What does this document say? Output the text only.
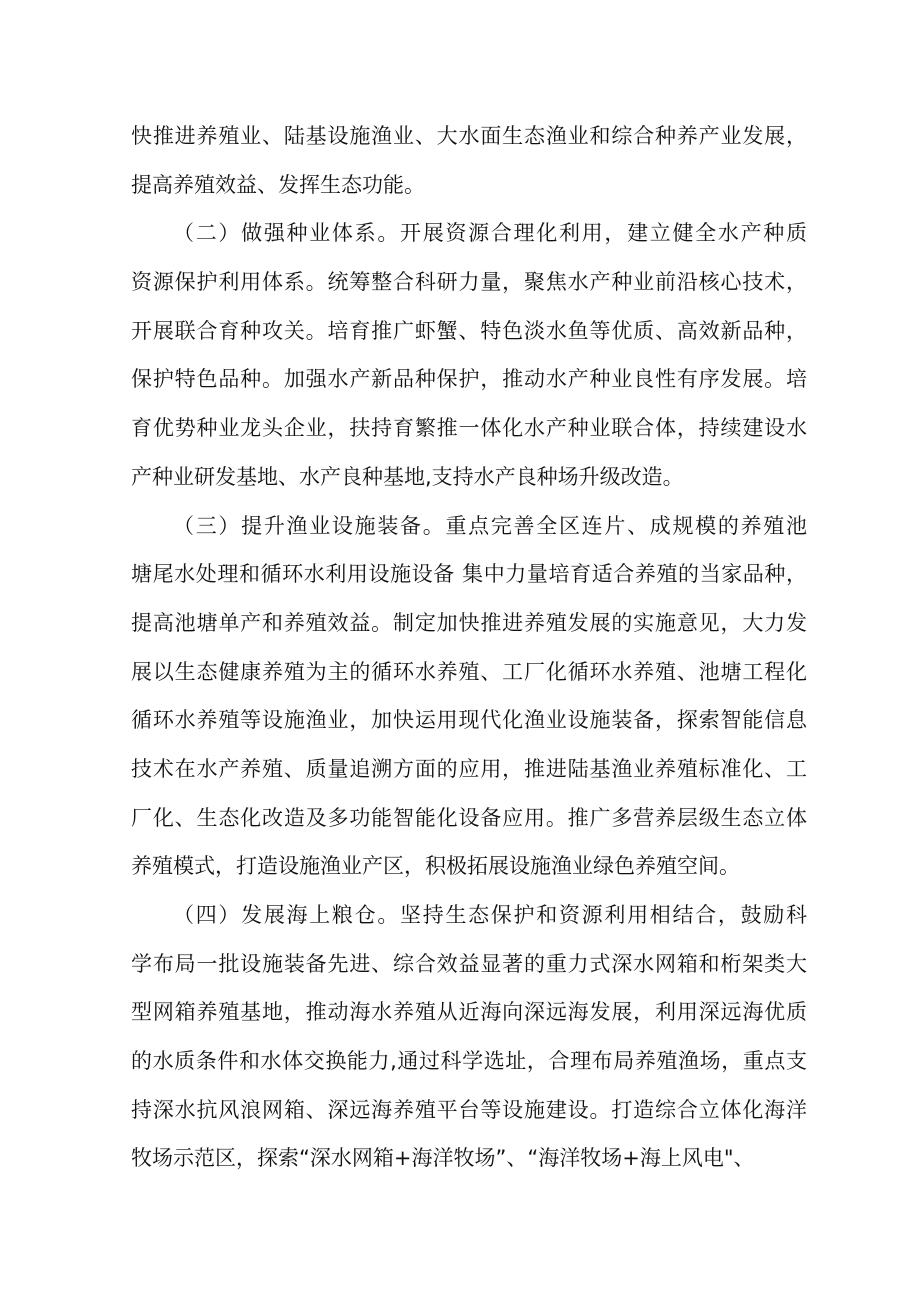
快推进养殖业、陆基设施渔业、大水面生态渔业和综合种养产业发展，
提高养殖效益、发挥生态功能。
（二）做强种业体系。开展资源合理化利用，建立健全水产种质
资源保护利用体系。统筹整合科研力量，聚焦水产种业前沿核心技术，
开展联合育种攻关。培育推广虾蟹、特色淡水鱼等优质、高效新品种，
保护特色品种。加强水产新品种保护，推动水产种业良性有序发展。培
育优势种业龙头企业，扶持育繁推一体化水产种业联合体，持续建设水
产种业研发基地、水产良种基地,支持水产良种场升级改造。
（三）提升渔业设施装备。重点完善全区连片、成规模的养殖池
塘尾水处理和循环水利用设施设备 集中力量培育适合养殖的当家品种，
提高池塘单产和养殖效益。制定加快推进养殖发展的实施意见，大力发
展以生态健康养殖为主的循环水养殖、工厂化循环水养殖、池塘工程化
循环水养殖等设施渔业，加快运用现代化渔业设施装备，探索智能信息
技术在水产养殖、质量追溯方面的应用，推进陆基渔业养殖标准化、工
厂化、生态化改造及多功能智能化设备应用。推广多营养层级生态立体
养殖模式，打造设施渔业产区，积极拓展设施渔业绿色养殖空间。
（四）发展海上粮仓。坚持生态保护和资源利用相结合，鼓励科
学布局一批设施装备先进、综合效益显著的重力式深水网箱和桁架类大
型网箱养殖基地，推动海水养殖从近海向深远海发展，利用深远海优质
的水质条件和水体交换能力,通过科学选址，合理布局养殖渔场，重点支
持深水抗风浪网箱、深远海养殖平台等设施建设。打造综合立体化海洋
牧场示范区，探索“深水网箱+海洋牧场”、“海洋牧场+海上风电"、
